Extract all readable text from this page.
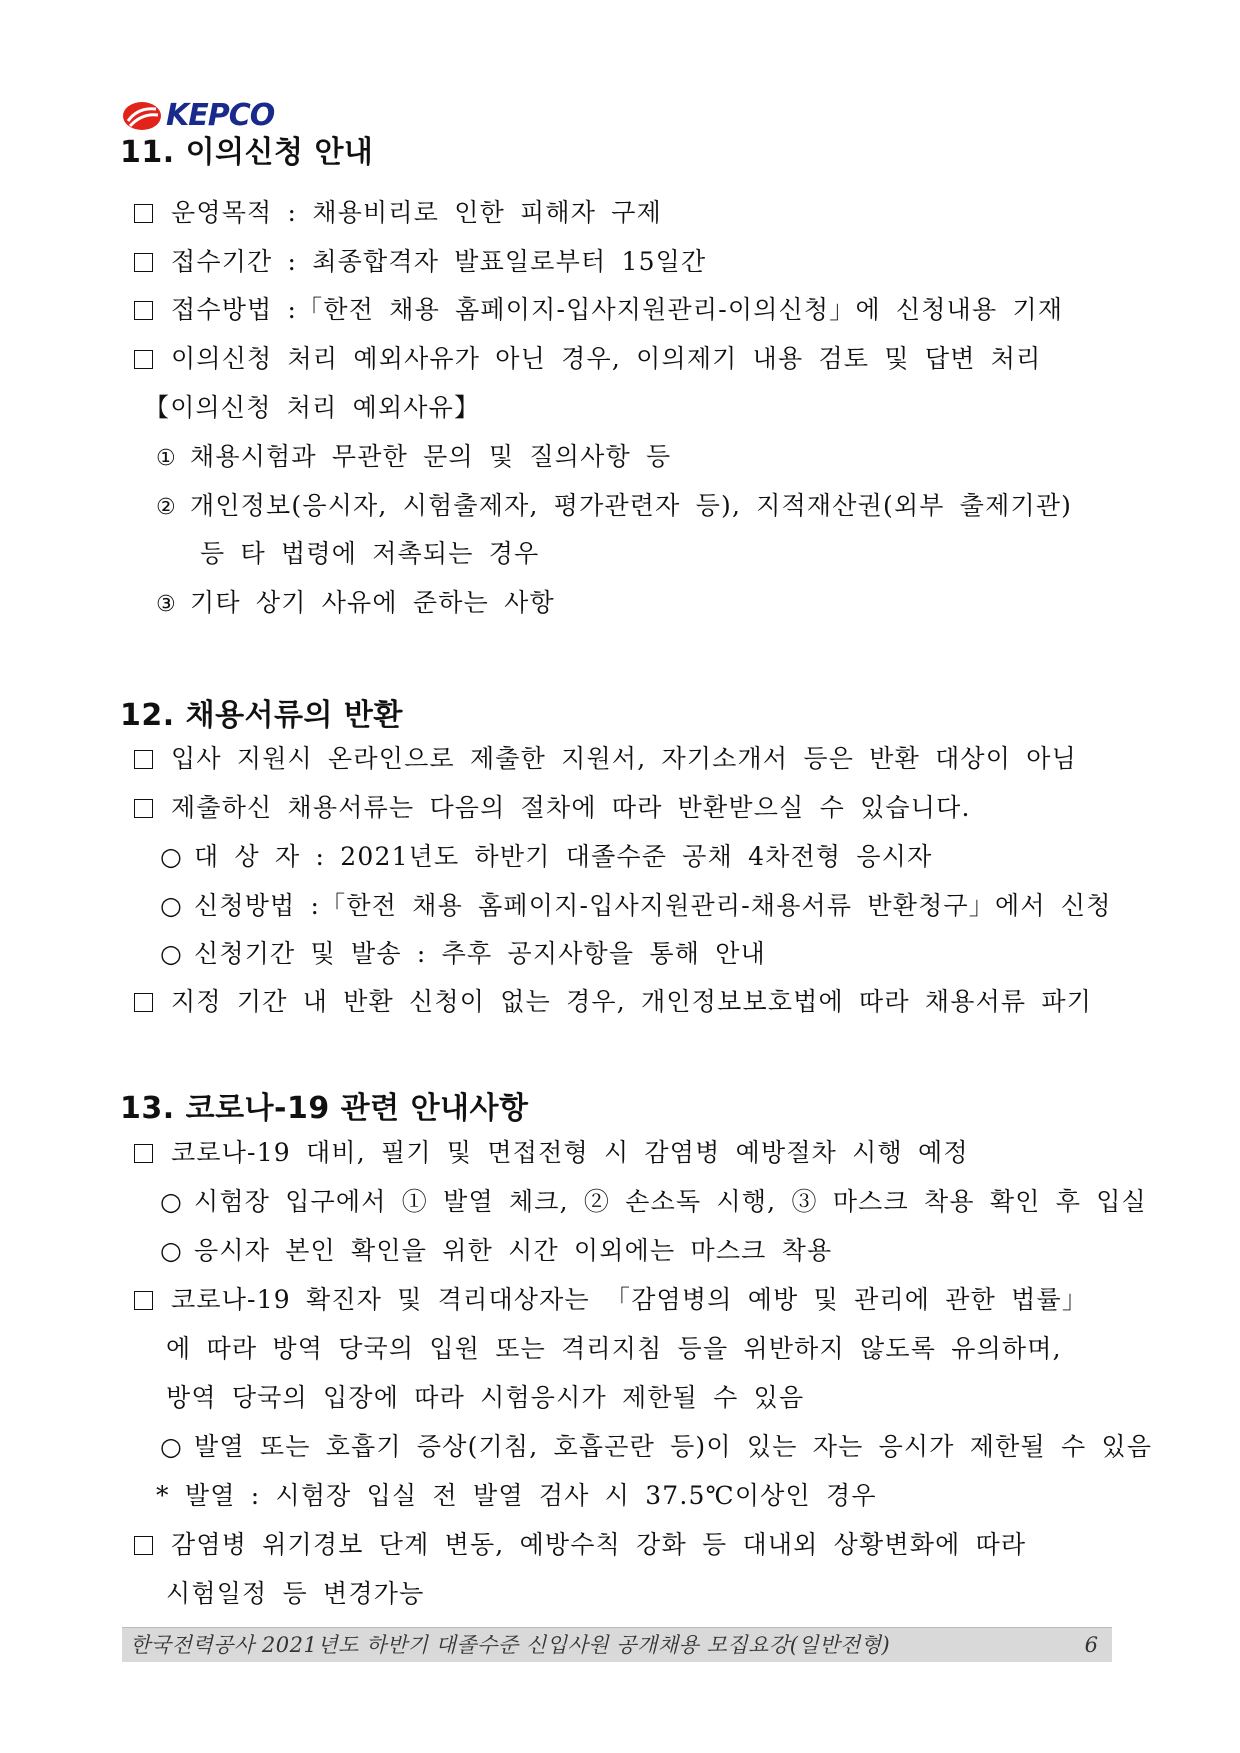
KEPCO
11. 이의신청 안내
운영목적 : 채용비리로 인한 피해자 구제
접수기간 : 최종합격자 발표일로부터 15일간
접수방법 :「한전 채용 홈페이지-입사지원관리-이의신청」에 신청내용 기재
이의신청 처리 예외사유가 아닌 경우, 이의제기 내용 검토 및 답변 처리
【이의신청 처리 예외사유】
① 채용시험과 무관한 문의 및 질의사항 등
② 개인정보(응시자, 시험출제자, 평가관련자 등), 지적재산권(외부 출제기관)
등 타 법령에 저촉되는 경우
③ 기타 상기 사유에 준하는 사항
12. 채용서류의 반환
입사 지원시 온라인으로 제출한 지원서, 자기소개서 등은 반환 대상이 아님
제출하신 채용서류는 다음의 절차에 따라 반환받으실 수 있습니다.
○ 대 상 자 : 2021년도 하반기 대졸수준 공채 4차전형 응시자
○ 신청방법 :「한전 채용 홈페이지-입사지원관리-채용서류 반환청구」에서 신청
○ 신청기간 및 발송 : 추후 공지사항을 통해 안내
지정 기간 내 반환 신청이 없는 경우, 개인정보보호법에 따라 채용서류 파기
13. 코로나-19 관련 안내사항
코로나-19 대비, 필기 및 면접전형 시 감염병 예방절차 시행 예정
○ 시험장 입구에서 ① 발열 체크, ② 손소독 시행, ③ 마스크 착용 확인 후 입실
○ 응시자 본인 확인을 위한 시간 이외에는 마스크 착용
코로나-19 확진자 및 격리대상자는 「감염병의 예방 및 관리에 관한 법률」
에 따라 방역 당국의 입원 또는 격리지침 등을 위반하지 않도록 유의하며,
방역 당국의 입장에 따라 시험응시가 제한될 수 있음
○ 발열 또는 호흡기 증상(기침, 호흡곤란 등)이 있는 자는 응시가 제한될 수 있음
* 발열 : 시험장 입실 전 발열 검사 시 37.5℃이상인 경우
감염병 위기경보 단계 변동, 예방수칙 강화 등 대내외 상황변화에 따라
시험일정 등 변경가능
한국전력공사 2021년도 하반기 대졸수준 신입사원 공개채용 모집요강(일반전형)	6
